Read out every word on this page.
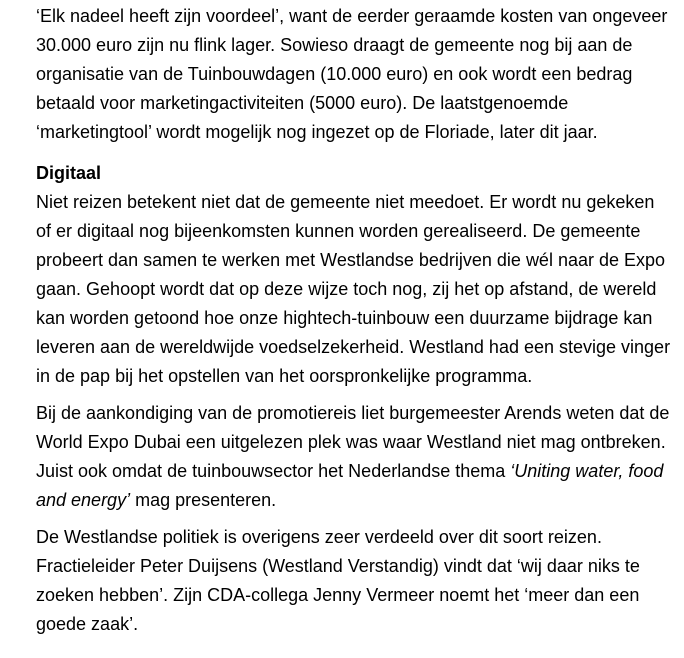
‘Elk nadeel heeft zijn voordeel’, want de eerder geraamde kosten van ongeveer 30.000 euro zijn nu flink lager. Sowieso draagt de gemeente nog bij aan de organisatie van de Tuinbouwdagen (10.000 euro) en ook wordt een bedrag betaald voor marketingactiviteiten (5000 euro). De laatstgenoemde ‘marketingtool’ wordt mogelijk nog ingezet op de Floriade, later dit jaar.

Digitaal

Niet reizen betekent niet dat de gemeente niet meedoet. Er wordt nu gekeken of er digitaal nog bijeenkomsten kunnen worden gerealiseerd. De gemeente probeert dan samen te werken met Westlandse bedrijven die wél naar de Expo gaan. Gehoopt wordt dat op deze wijze toch nog, zij het op afstand, de wereld kan worden getoond hoe onze hightech-tuinbouw een duurzame bijdrage kan leveren aan de wereldwijde voedselzekerheid. Westland had een stevige vinger in de pap bij het opstellen van het oorspronkelijke programma.

Bij de aankondiging van de promotiereis liet burgemeester Arends weten dat de World Expo Dubai een uitgelezen plek was waar Westland niet mag ontbreken. Juist ook omdat de tuinbouwsector het Nederlandse thema ‘Uniting water, food and energy’ mag presenteren.

De Westlandse politiek is overigens zeer verdeeld over dit soort reizen. Fractieleider Peter Duijsens (Westland Verstandig) vindt dat ‘wij daar niks te zoeken hebben’. Zijn CDA-collega Jenny Vermeer noemt het ‘meer dan een goede zaak’.
